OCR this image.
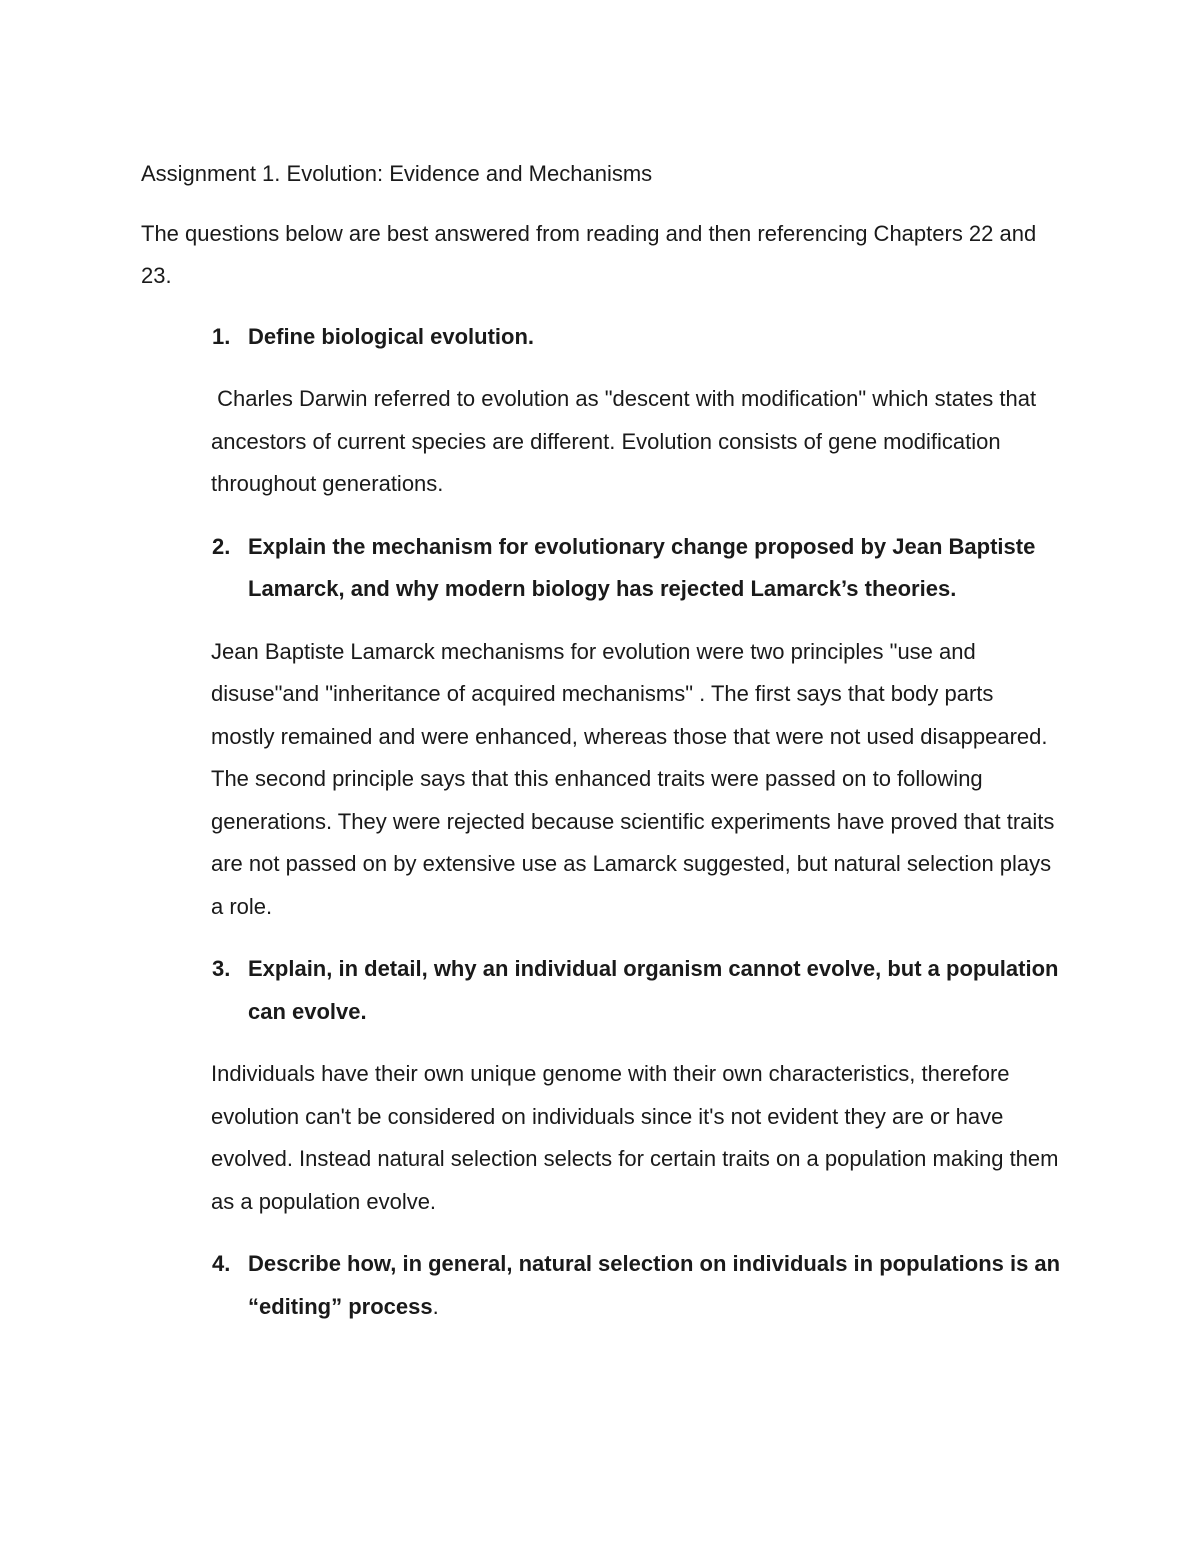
Assignment 1. Evolution: Evidence and Mechanisms

The questions below are best answered from reading and then referencing Chapters 22 and 23.

1. Define biological evolution.

Charles Darwin referred to evolution as "descent with modification" which states that ancestors of current species are different. Evolution consists of gene modification throughout generations.

2. Explain the mechanism for evolutionary change proposed by Jean Baptiste Lamarck, and why modern biology has rejected Lamarck’s theories.

Jean Baptiste Lamarck mechanisms for evolution were two principles "use and disuse"and "inheritance of acquired mechanisms" . The first says that body parts mostly remained and were enhanced, whereas those that were not used disappeared. The second principle says that this enhanced traits were passed on to following generations. They were rejected because scientific experiments have proved that traits are not passed on by extensive use as Lamarck suggested, but natural selection plays a role.

3. Explain, in detail, why an individual organism cannot evolve, but a population can evolve.

Individuals have their own unique genome with their own characteristics, therefore evolution can't be considered on individuals since it's not evident they are or have evolved. Instead natural selection selects for certain traits on a population making them as a population evolve.

4. Describe how, in general, natural selection on individuals in populations is an “editing” process.
